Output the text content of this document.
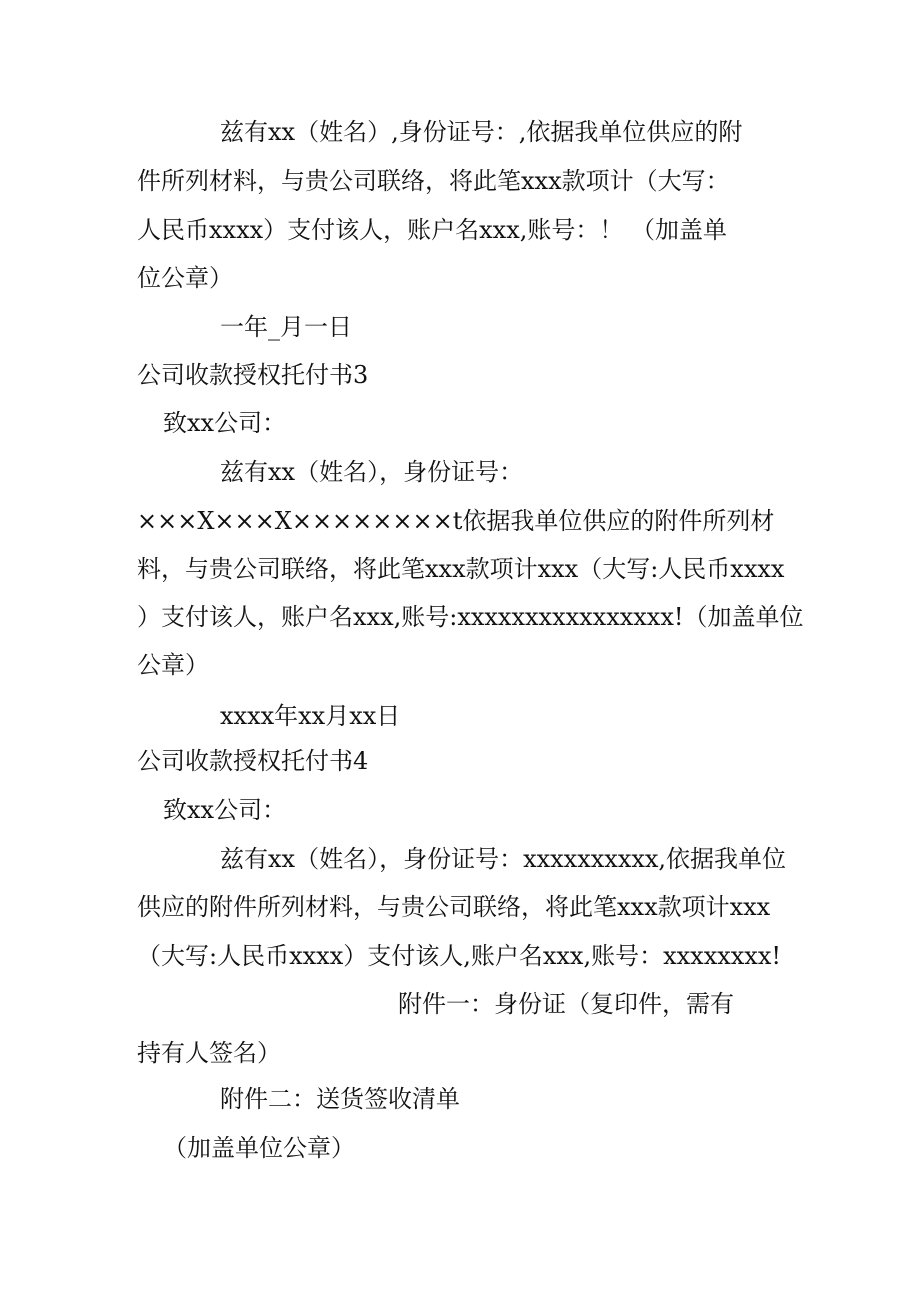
兹有xx（姓名）,身份证号：,依据我单位供应的附

件所列材料，与贵公司联络，将此笔xxx款项计（大写：

人民币xxxx）支付该人，账户名xxx,账号：！ （加盖单

位公章）

一年_月一日

公司收款授权托付书3

致xx公司：

兹有xx（姓名），身份证号：

×××X×××X××××××××t依据我单位供应的附件所列材

料，与贵公司联络，将此笔xxx款项计xxx（大写:人民币xxxx

）支付该人，账户名xxx,账号:xxxxxxxxxxxxxxxx!（加盖单位

公章）

xxxx年xx月xx日

公司收款授权托付书4

致xx公司：

兹有xx（姓名），身份证号：xxxxxxxxxx,依据我单位

供应的附件所列材料，与贵公司联络，将此笔xxx款项计xxx

（大写:人民币xxxx）支付该人,账户名xxx,账号：xxxxxxxx!

附件一：身份证（复印件，需有

持有人签名）

附件二：送货签收清单

（加盖单位公章）
